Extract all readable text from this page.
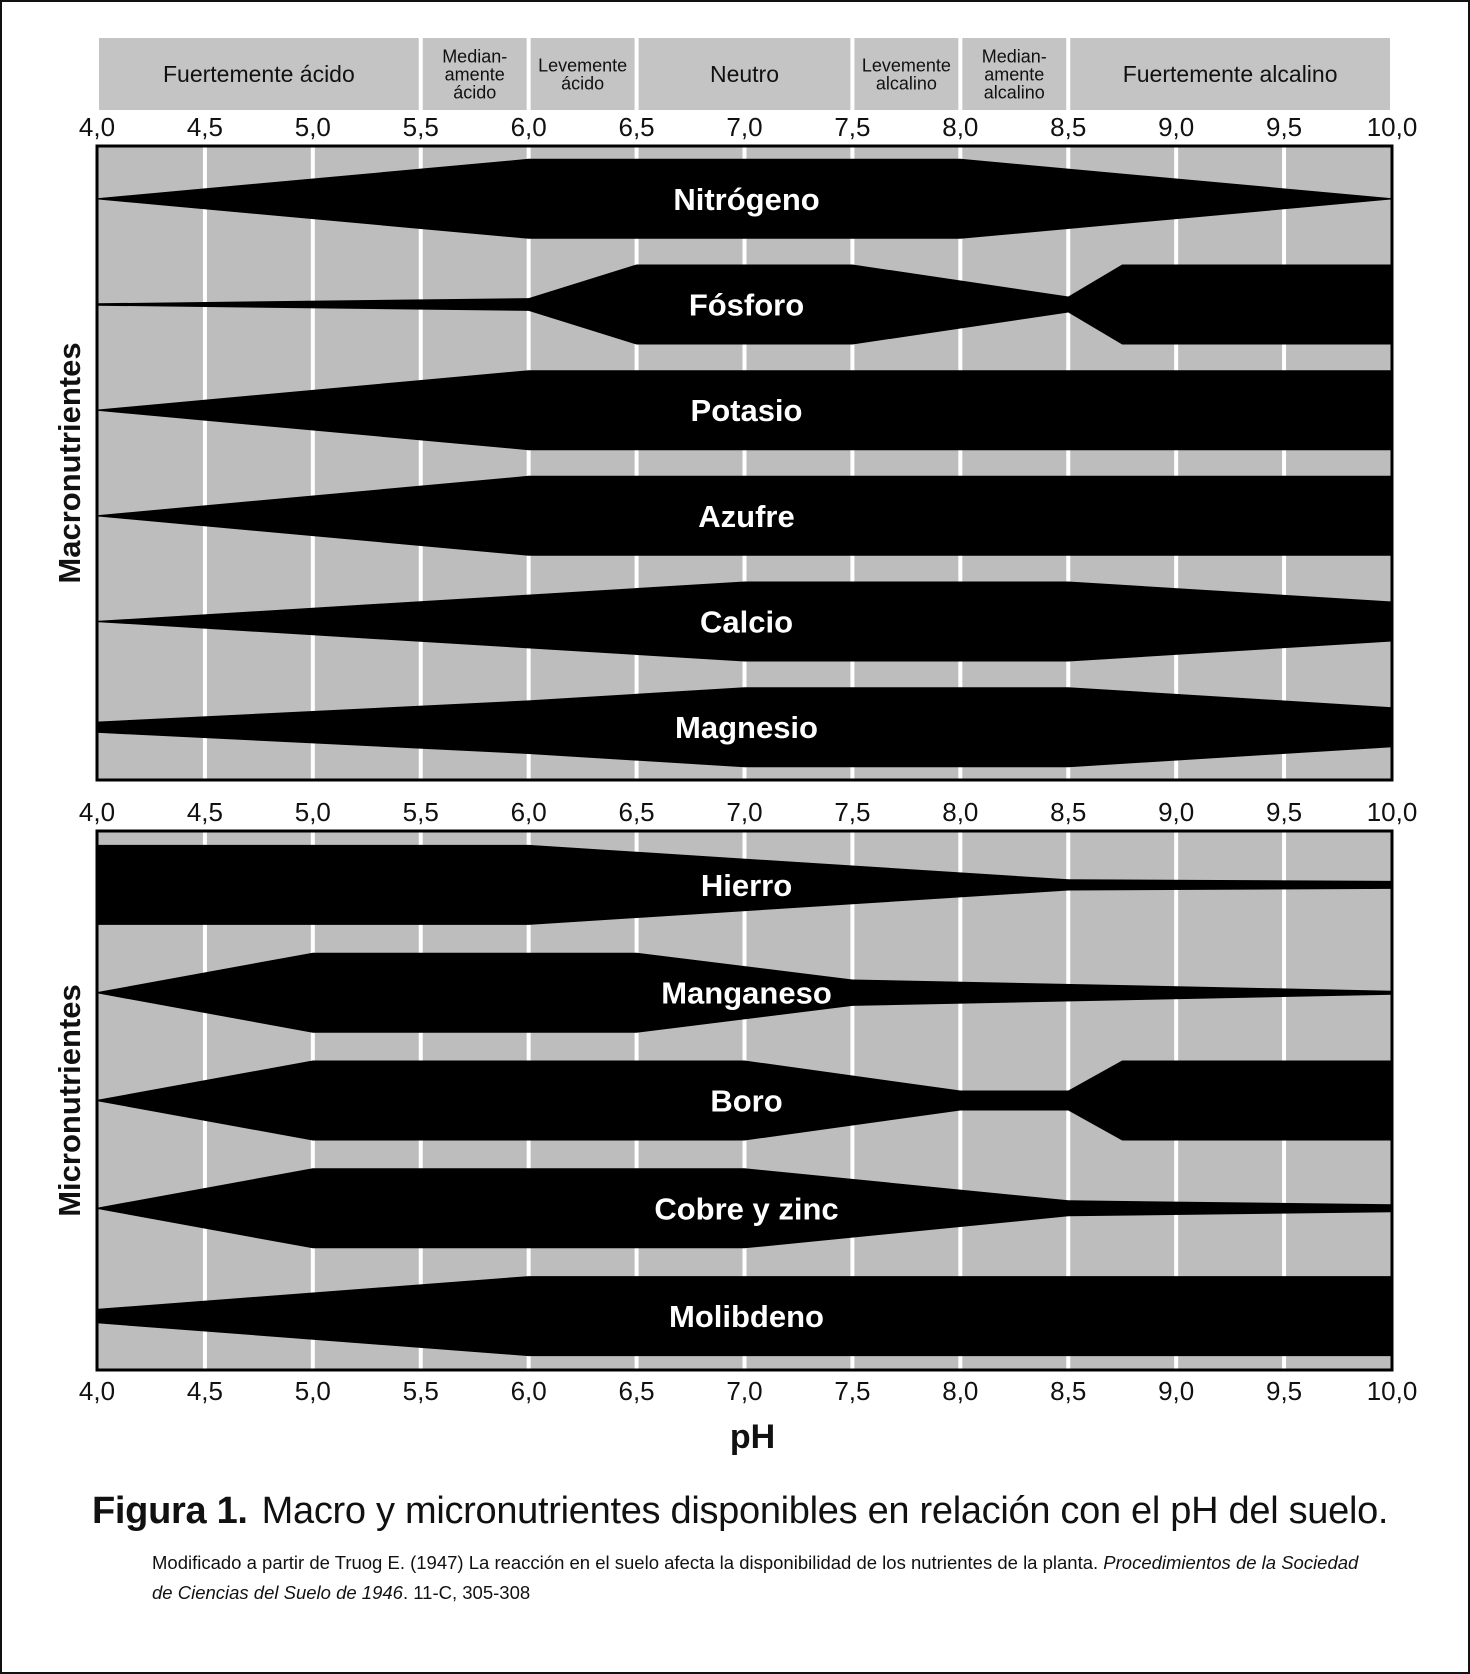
Fuertemente ácido
Median-
amente
ácido
Levemente
ácido	Neutro	Levemente
alcalino
Median-
amente
alcalino
Fuertemente alcalino
Nitrógeno
Fósforo
Potasio
Azufre
Calcio
Magnesio
Macronutrientes
Hierro
Manganeso
Boro
Cobre y zinc
Molibdeno
Micronutrientes
4,0	4,5	5,0	5,5	6,0	6,5	7,0	7,5	8,0	8,5	9,0	9,5 10,0
4,0	4,5	5,0	5,5	6,0	6,5	7,0	7,5	8,0	8,5	9,0	9,5 10,0
4,0	4,5	5,0	5,5	6,0	6,5	7,0	7,5	8,0	8,5	9,0	9,5 10,0
pH
Figura 1. Macro y micronutrientes disponibles en relación con el pH del suelo.
Modificado a partir de Truog E. (1947) La reacción en el suelo afecta la disponibilidad de los nutrientes de la planta. Procedimientos de la Sociedad de Ciencias del Suelo de 1946. 11-C, 305-308
